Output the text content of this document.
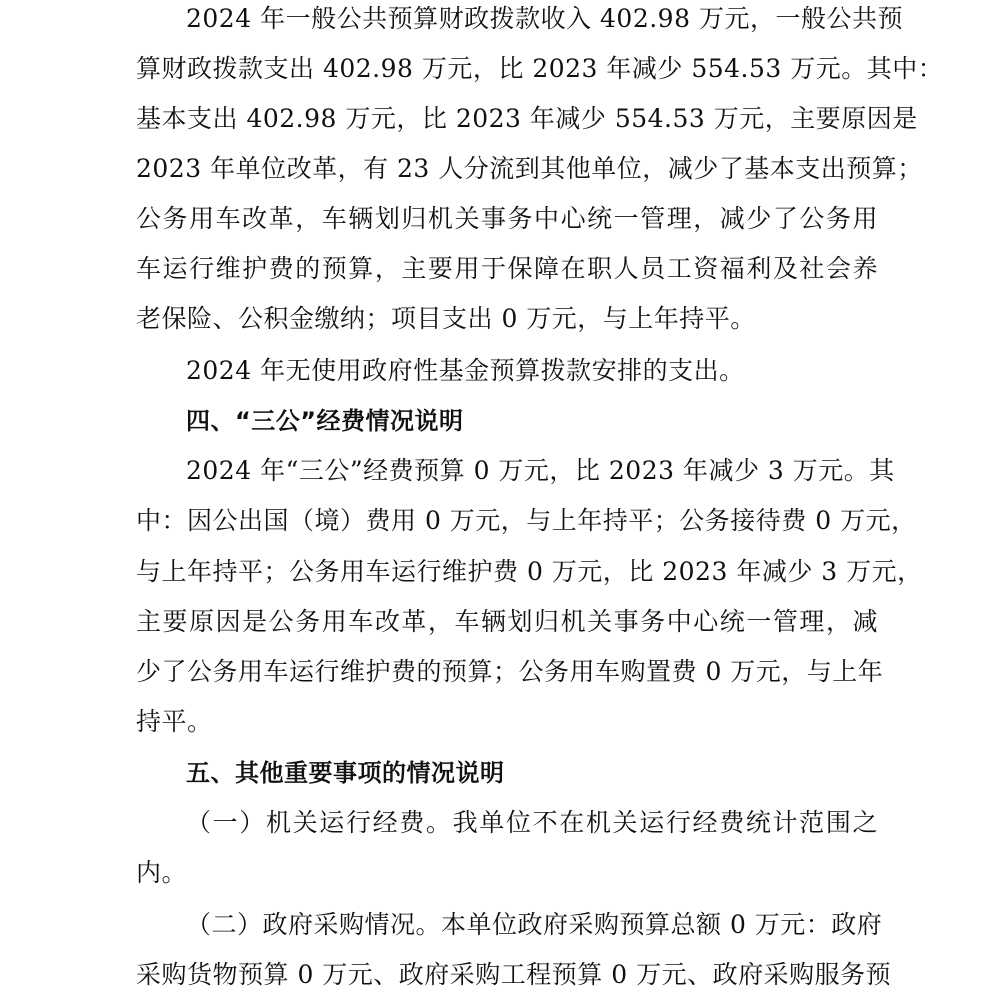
2024 年一般公共预算财政拨款收入 402.98 万元，一般公共预
算财政拨款支出 402.98 万元，比 2023 年减少 554.53 万元。其中：
基本支出 402.98 万元，比 2023 年减少 554.53 万元，主要原因是
2023 年单位改革，有 23 人分流到其他单位，减少了基本支出预算；
公务用车改革，车辆划归机关事务中心统一管理，减少了公务用
车运行维护费的预算，主要用于保障在职人员工资福利及社会养
老保险、公积金缴纳；项目支出 0 万元，与上年持平。
2024 年无使用政府性基金预算拨款安排的支出。
四、“三公”经费情况说明
2024 年“三公”经费预算 0 万元，比 2023 年减少 3 万元。其
中：因公出国（境）费用 0 万元，与上年持平；公务接待费 0 万元，
与上年持平；公务用车运行维护费 0 万元，比 2023 年减少 3 万元，
主要原因是公务用车改革，车辆划归机关事务中心统一管理，减
少了公务用车运行维护费的预算；公务用车购置费 0 万元，与上年
持平。
五、其他重要事项的情况说明
（一）机关运行经费。我单位不在机关运行经费统计范围之
内。
（二）政府采购情况。本单位政府采购预算总额 0 万元：政府
采购货物预算 0 万元、政府采购工程预算 0 万元、政府采购服务预
